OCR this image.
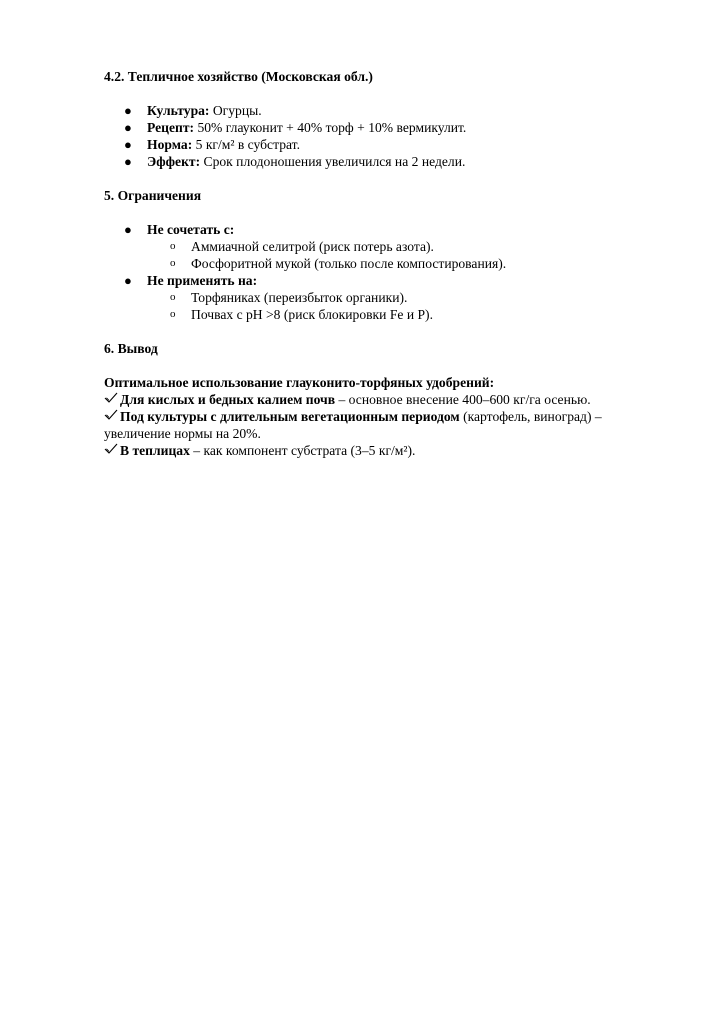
4.2. Тепличное хозяйство (Московская обл.)
● Культура: Огурцы.
● Рецепт: 50% глауконит + 40% торф + 10% вермикулит.
● Норма: 5 кг/м² в субстрат.
● Эффект: Срок плодоношения увеличился на 2 недели.
5. Ограничения
● Не сочетать с:
o Аммиачной селитрой (риск потерь азота).
o Фосфоритной мукой (только после компостирования).
● Не применять на:
o Торфяниках (переизбыток органики).
o Почвах с pH >8 (риск блокировки Fe и P).
6. Вывод
Оптимальное использование глауконито-торфяных удобрений:
Для кислых и бедных калием почв – основное внесение 400–600 кг/га осенью.
Под культуры с длительным вегетационным периодом (картофель, виноград) –
увеличение нормы на 20%.
В теплицах – как компонент субстрата (3–5 кг/м²).
